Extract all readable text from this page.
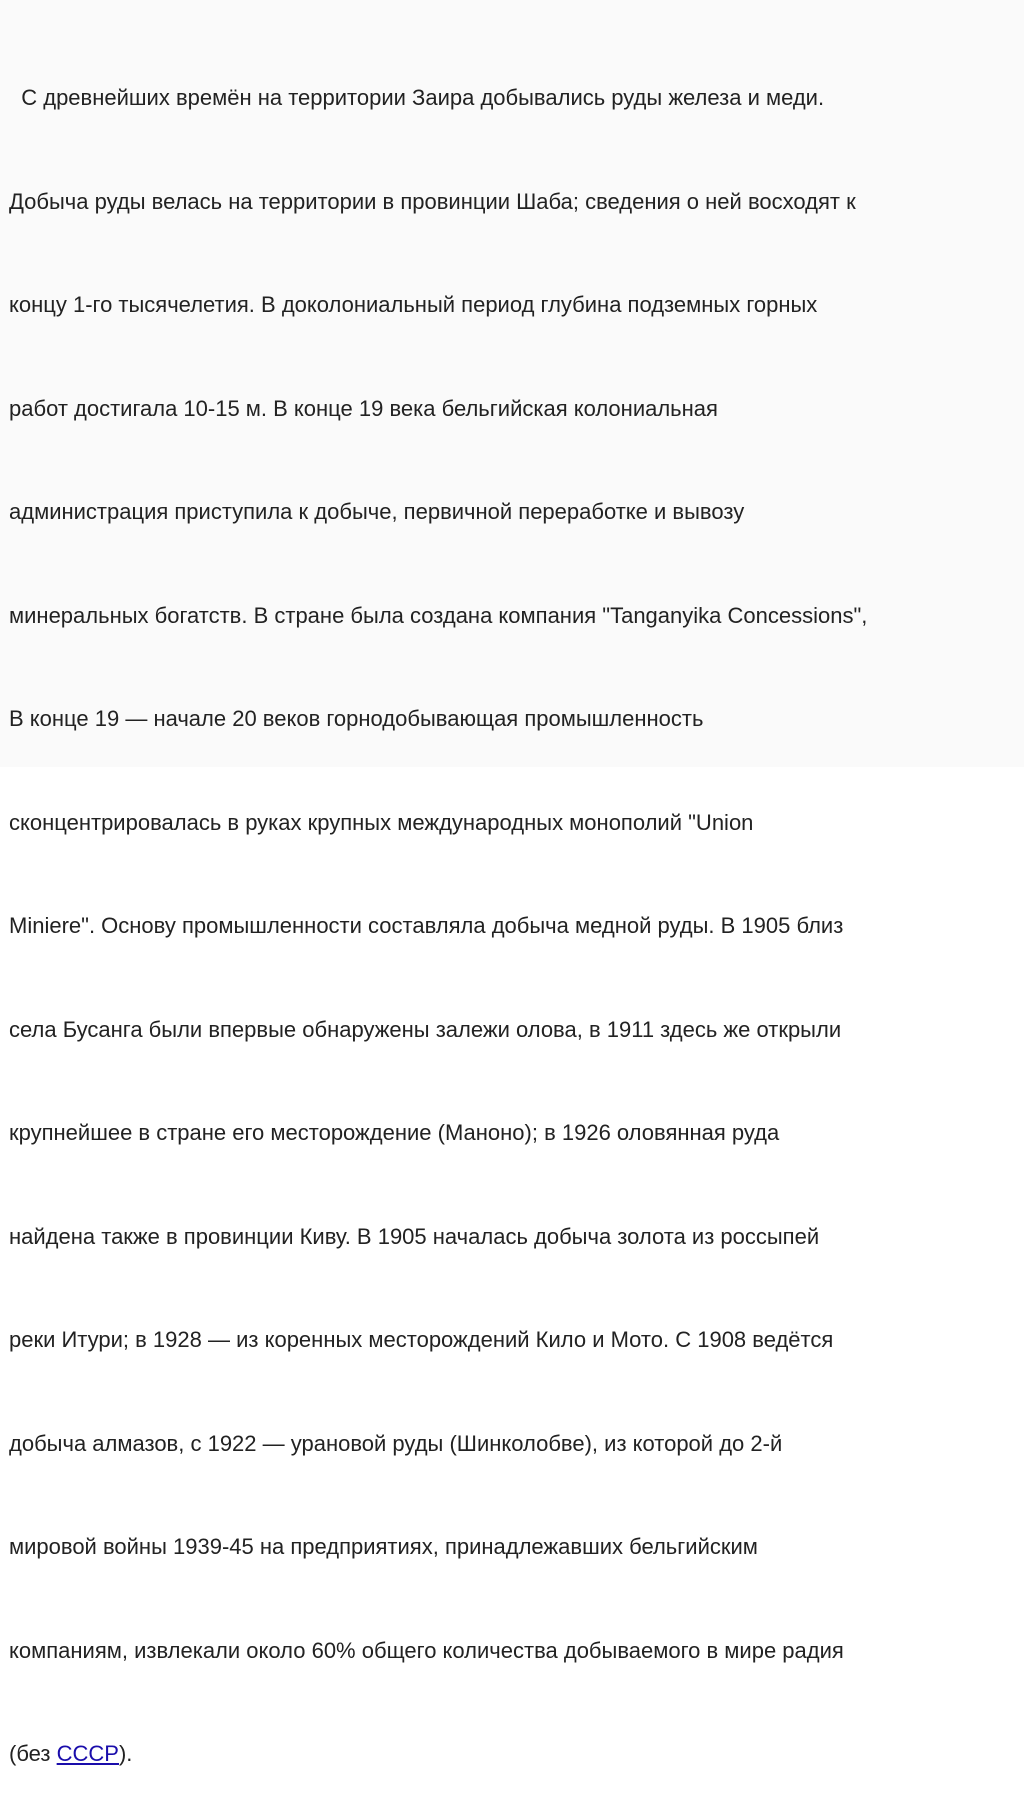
С древнейших времён на территории Заира добывались руды железа и меди.

Добыча руды велась на территории в провинции Шаба; сведения о ней восходят к

концу 1-го тысячелетия. В доколониальный период глубина подземных горных

работ достигала 10-15 м. В конце 19 века бельгийская колониальная

администрация приступила к добыче, первичной переработке и вывозу

минеральных богатств. В стране была создана компания "Tanganyika Concessions",

В конце 19 — начале 20 веков горнодобывающая промышленность

сконцентрировалась в руках крупных международных монополий "Union

Miniere". Основу промышленности составляла добыча медной руды. В 1905 близ

села Бусанга были впервые обнаружены залежи олова, в 1911 здесь же открыли

крупнейшее в стране его месторождение (Маноно); в 1926 оловянная руда

найдена также в провинции Киву. В 1905 началась добыча золота из россыпей

реки Итури; в 1928 — из коренных месторождений Кило и Мото. С 1908 ведётся

добыча алмазов, с 1922 — урановой руды (Шинколобве), из которой до 2-й

мировой войны 1939-45 на предприятиях, принадлежавших бельгийским

компаниям, извлекали около 60% общего количества добываемого в мире радия

(без СССР).
